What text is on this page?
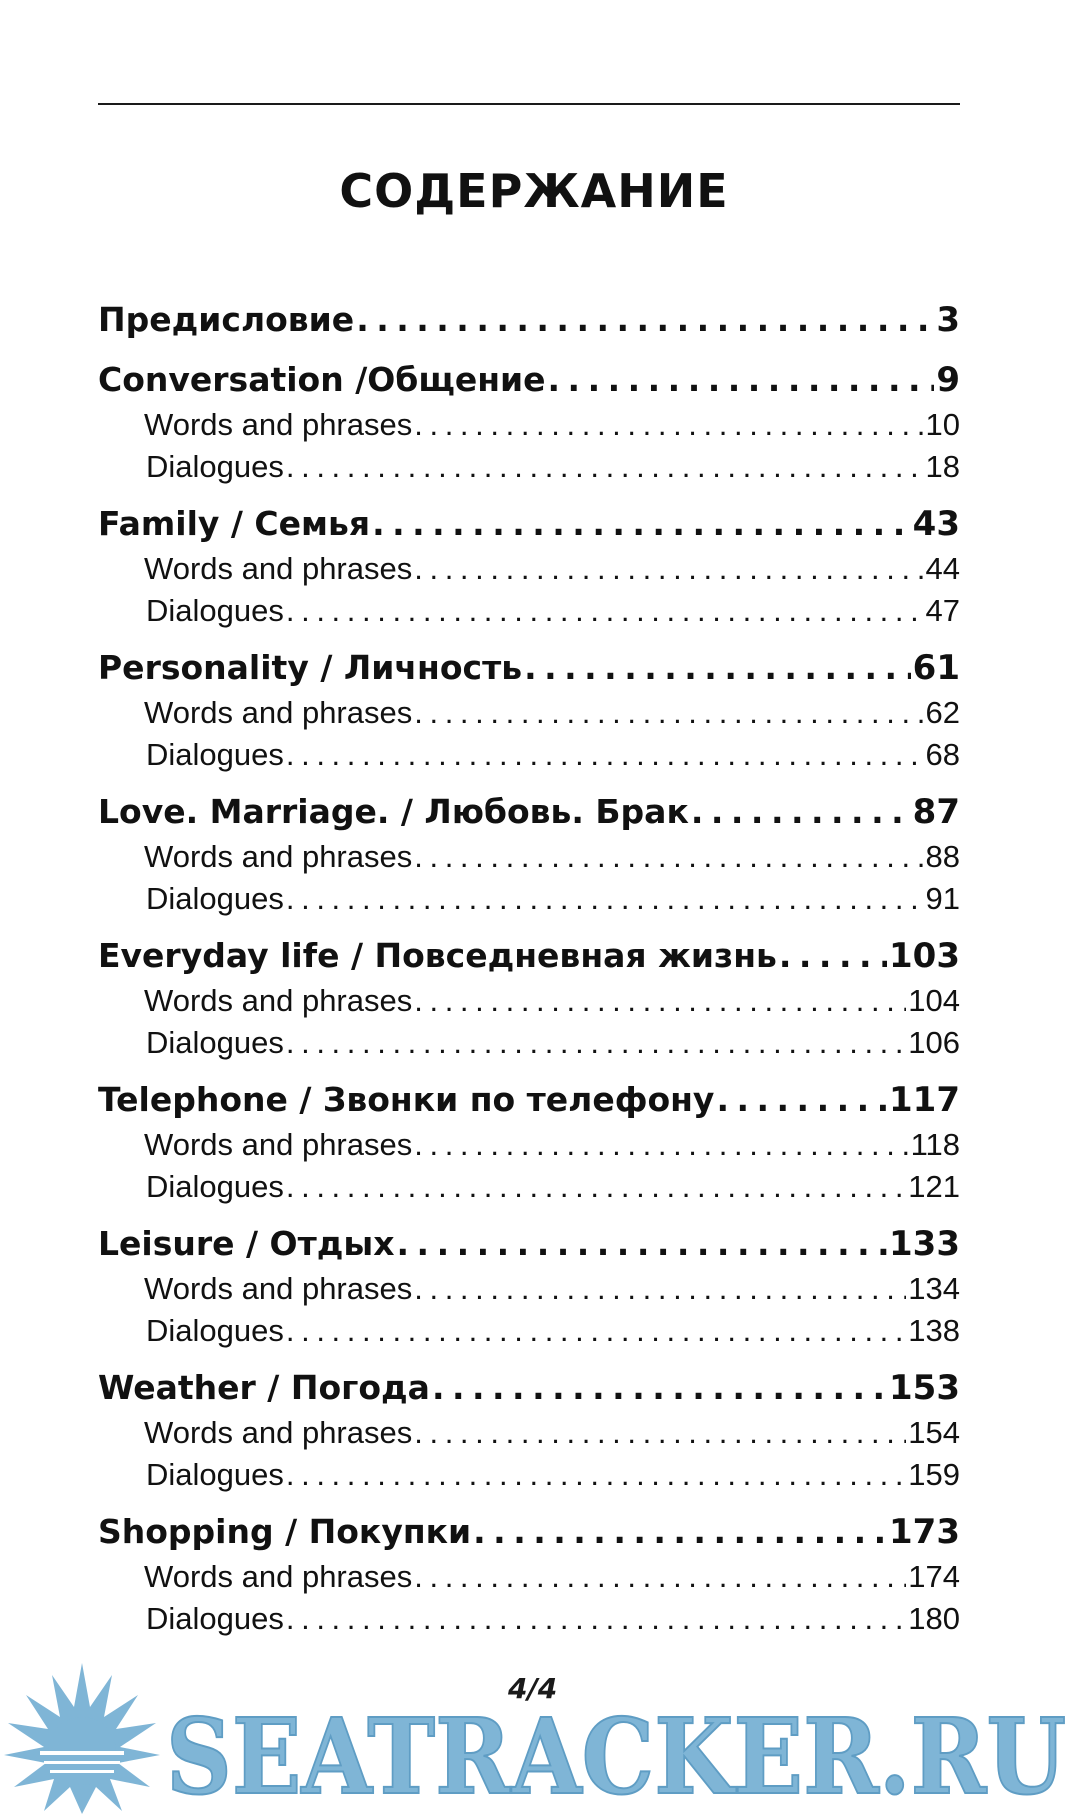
СОДЕРЖАНИЕ
Предисловие . . .	3
Conversation /Общение . . .	9
Words and phrases . . .	10
Dialogues . . .	18
Family / Семья . . .	43
Words and phrases . . .	44
Dialogues . . .	47
Personality / Личность . . .	61
Words and phrases . . .	62
Dialogues . . .	68
Love. Marriage. / Любовь. Брак . . .	87
Words and phrases . . .	88
Dialogues . . .	91
Everyday life / Повседневная жизнь . . .	103
Words and phrases . . .	104
Dialogues . . .	106
Telephone / Звонки по телефону . . .	117
Words and phrases . . .	118
Dialogues . . .	121
Leisure / Отдых . . .	133
Words and phrases . . .	134
Dialogues . . .	138
Weather / Погода . . .	153
Words and phrases . . .	154
Dialogues . . .	159
Shopping / Покупки . . .	173
Words and phrases . . .	174
Dialogues . . .	180
SEATRACKER.RU
4/4
